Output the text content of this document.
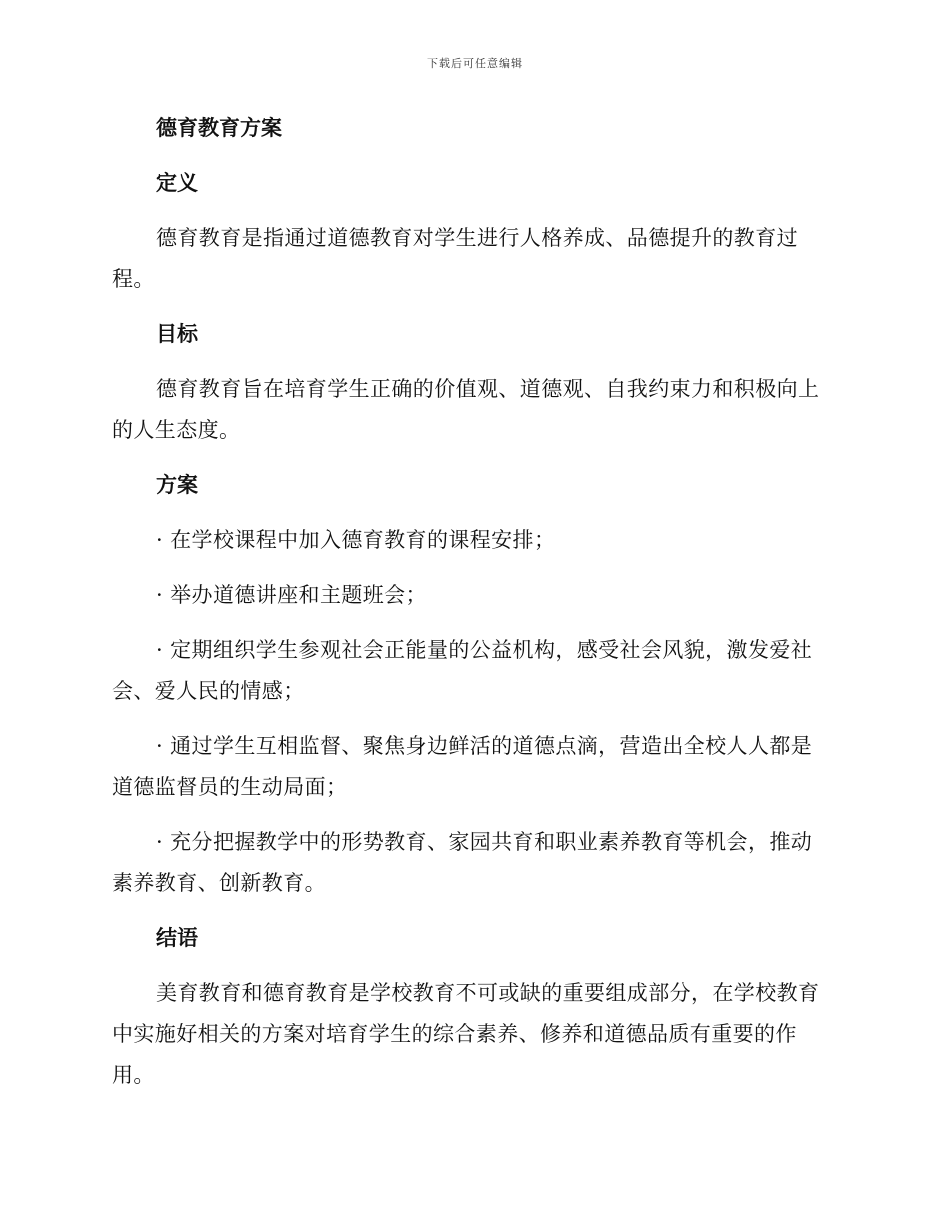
下载后可任意编辑
德育教育方案
定义

德育教育是指通过道德教育对学生进行人格养成、品德提升的教育过程。

目标

德育教育旨在培育学生正确的价值观、道德观、自我约束力和积极向上的人生态度。

方案

· 在学校课程中加入德育教育的课程安排；

· 举办道德讲座和主题班会；

· 定期组织学生参观社会正能量的公益机构，感受社会风貌，激发爱社会、爱人民的情感；

· 通过学生互相监督、聚焦身边鲜活的道德点滴，营造出全校人人都是道德监督员的生动局面；

· 充分把握教学中的形势教育、家园共育和职业素养教育等机会，推动素养教育、创新教育。

结语

美育教育和德育教育是学校教育不可或缺的重要组成部分，在学校教育中实施好相关的方案对培育学生的综合素养、修养和道德品质有重要的作用。
